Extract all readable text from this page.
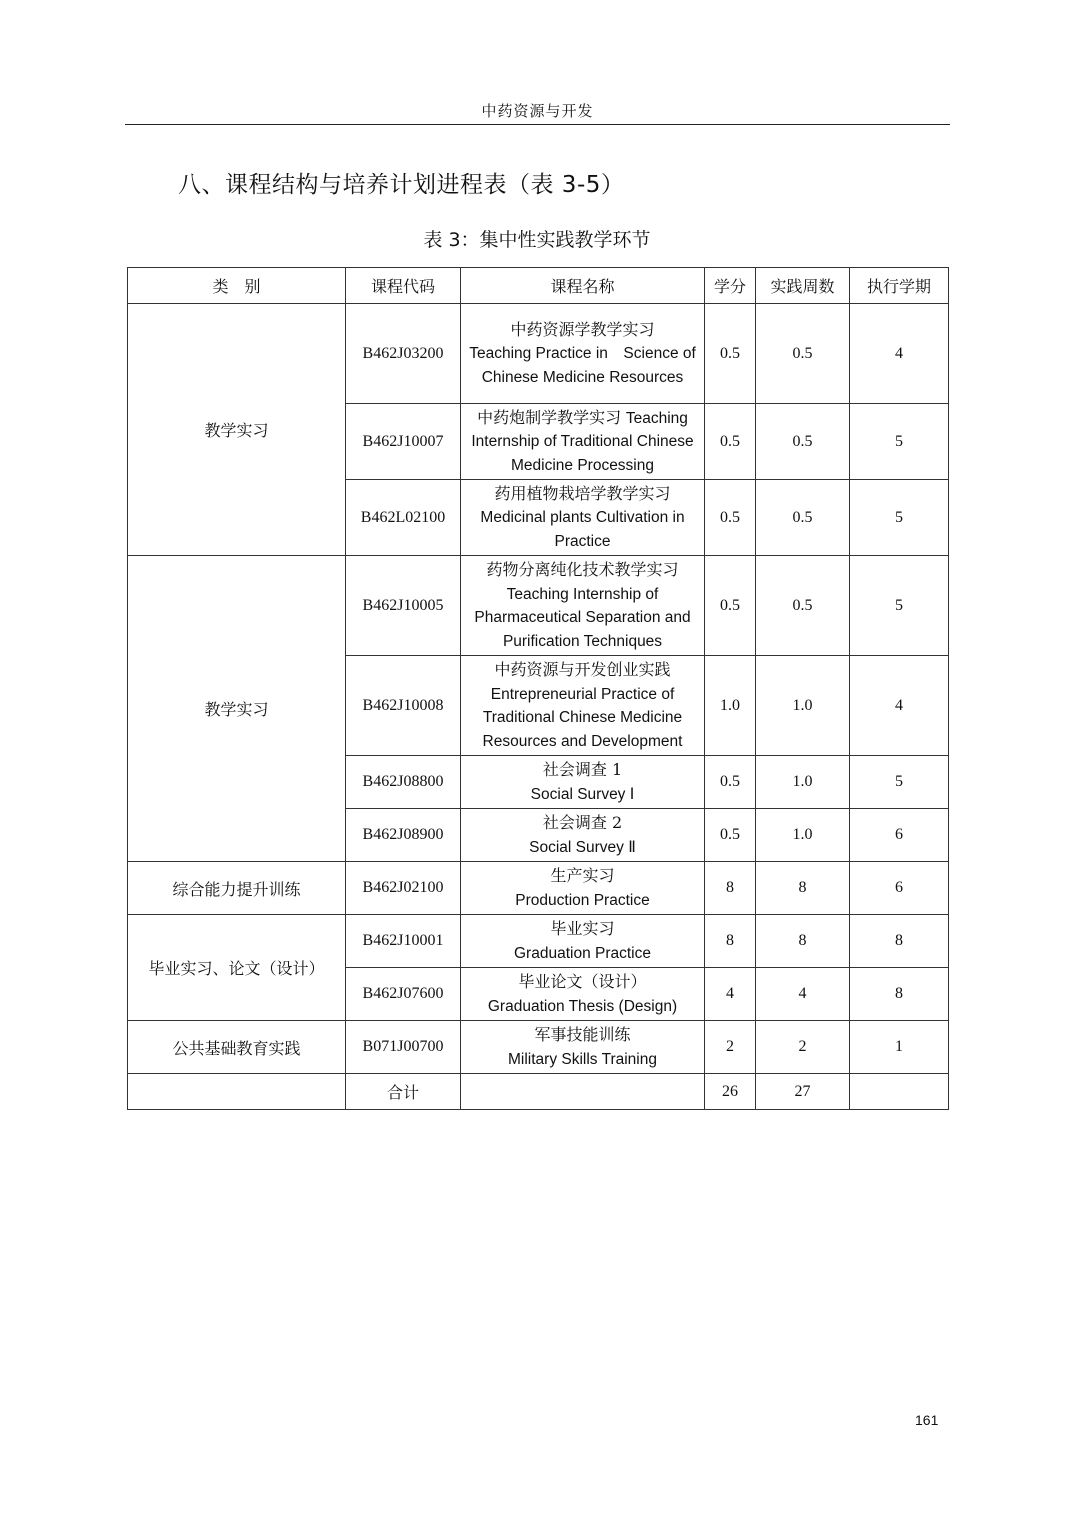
中药资源与开发
八、课程结构与培养计划进程表（表 3-5）
表 3：集中性实践教学环节
类　别	课程代码	课程名称	学分	实践周数	执行学期
教学实习	B462J03200	中药资源学教学实习
Teaching Practice in　Science of　Chinese Medicine Resources	0.5	0.5	4
	B462J10007	中药炮制学教学实习 Teaching Internship of Traditional Chinese Medicine Processing	0.5	0.5	5
	B462L02100	药用植物栽培学教学实习
Medicinal plants Cultivation in Practice	0.5	0.5	5
教学实习	B462J10005	药物分离纯化技术教学实习
Teaching Internship of Pharmaceutical Separation and Purification Techniques	0.5	0.5	5
	B462J10008	中药资源与开发创业实践
Entrepreneurial Practice of Traditional Chinese Medicine Resources and Development	1.0	1.0	4
	B462J08800	社会调查 1
Social Survey Ⅰ	0.5	1.0	5
	B462J08900	社会调查 2
Social Survey Ⅱ	0.5	1.0	6
综合能力提升训练	B462J02100	生产实习
Production Practice	8	8	6
毕业实习、论文（设计）	B462J10001	毕业实习
Graduation Practice	8	8	8
	B462J07600	毕业论文（设计）
Graduation Thesis (Design)	4	4	8
公共基础教育实践	B071J00700	军事技能训练
Military Skills Training	2	2	1
	合计		26	27	
161
